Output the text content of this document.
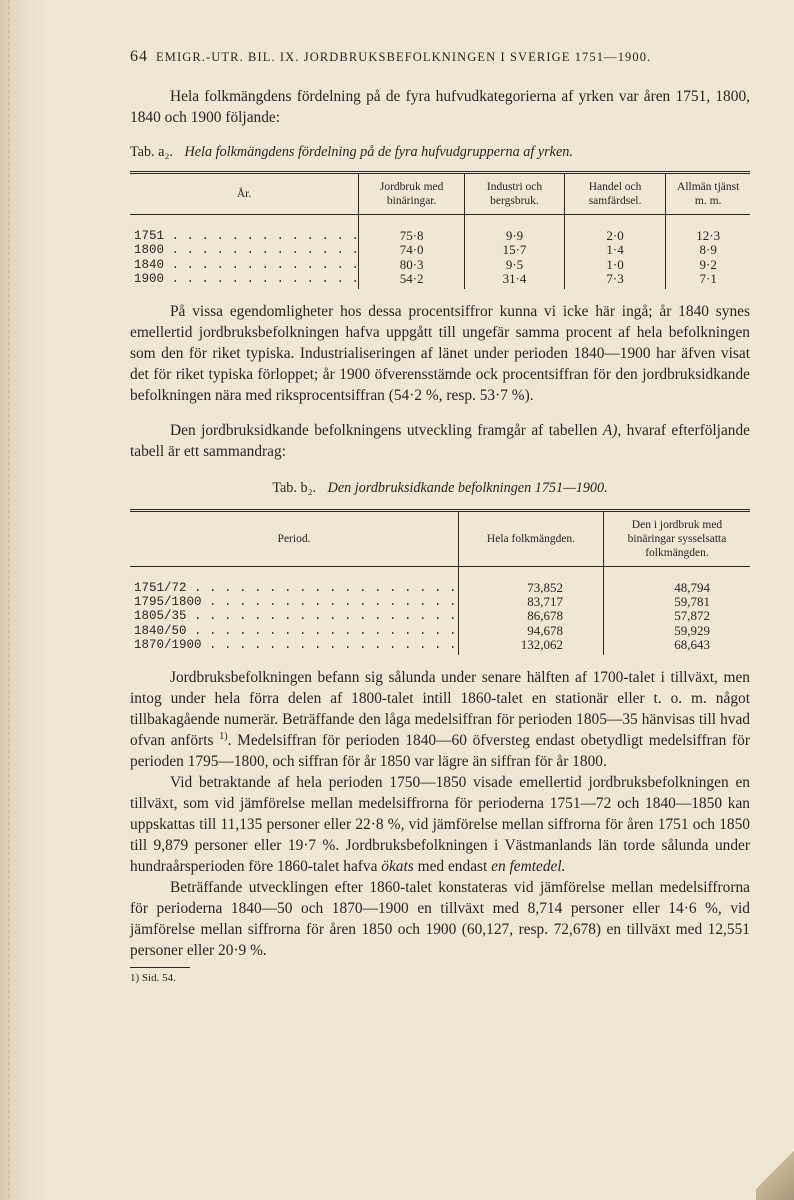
64 EMIGR.-UTR. BIL. IX. JORDBRUKSBEFOLKNINGEN I SVERIGE 1751—1900.

Hela folkmängdens fördelning på de fyra hufvudkategorierna af yrken var åren 1751, 1800, 1840 och 1900 följande:

Tab. a₂. Hela folkmängdens fördelning på de fyra hufvudgrupperna af yrken.
År.	Jordbruk med binäringar.	Industri och bergsbruk.	Handel och samfärdsel.	Allmän tjänst m. m.
1751 . . .	75·8	9·9	2·0	12·3
1800 . . .	74·0	15·7	1·4	8·9
1840 . . .	80·3	9·5	1·0	9·2
1900 . . .	54·2	31·4	7·3	7·1

På vissa egendomligheter hos dessa procentsiffror kunna vi icke här ingå; år 1840 synes emellertid jordbruksbefolkningen hafva uppgått till ungefär samma procent af hela befolkningen som den för riket typiska. Industrialiseringen af länet under perioden 1840—1900 har äfven visat det för riket typiska förloppet; år 1900 öfverensstämde ock procentsiffran för den jordbruksidkande befolkningen nära med riksprocentsiffran (54·2 %, resp. 53·7 %).

Den jordbruksidkande befolkningens utveckling framgår af tabellen A), hvaraf efterföljande tabell är ett sammandrag:

Tab. b₂. Den jordbruksidkande befolkningen 1751—1900.
Period.	Hela folkmängden.	Den i jordbruk med binäringar sysselsatta folkmängden.
1751/72 . . .	73,852	48,794
1795/1800 . . .	83,717	59,781
1805/35 . . .	86,678	57,872
1840/50 . . .	94,678	59,929
1870/1900 . . .	132,062	68,643

Jordbruksbefolkningen befann sig sålunda under senare hälften af 1700-talet i tillväxt, men intog under hela förra delen af 1800-talet intill 1860-talet en stationär eller t. o. m. något tillbakagående numerär. Beträffande den låga medelsiffran för perioden 1805—35 hänvisas till hvad ofvan anförts $^{1)}$. Medelsiffran för perioden 1840—60 öfversteg endast obetydligt medelsiffran för perioden 1795—1800, och siffran för år 1850 var lägre än siffran för år 1800.

Vid betraktande af hela perioden 1750—1850 visade emellertid jordbruksbefolkningen en tillväxt, som vid jämförelse mellan medelsiffrorna för perioderna 1751—72 och 1840—1850 kan uppskattas till 11,135 personer eller 22·8 %, vid jämförelse mellan siffrorna för åren 1751 och 1850 till 9,879 personer eller 19·7 %. Jordbruksbefolkningen i Västmanlands län torde sålunda under hundraårsperioden före 1860-talet hafva ökats med endast en femtedel.

Beträffande utvecklingen efter 1860-talet konstateras vid jämförelse mellan medelsiffrorna för perioderna 1840—50 och 1870—1900 en tillväxt med 8,714 personer eller 14·6 %, vid jämförelse mellan siffrorna för åren 1850 och 1900 (60,127, resp. 72,678) en tillväxt med 12,551 personer eller 20·9 %.

1) Sid. 54.
